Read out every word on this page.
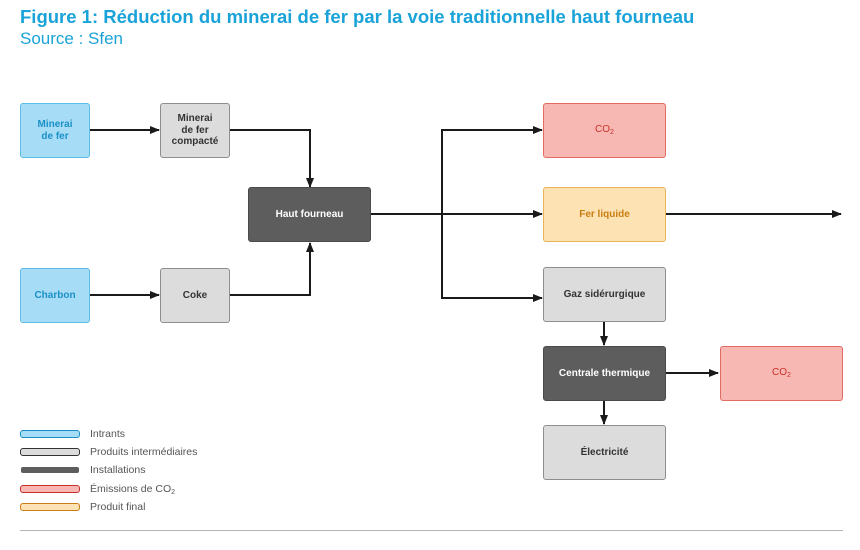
Figure 1: Réduction du minerai de fer par la voie traditionnelle haut fourneau
Source : Sfen
Minerai
de fer
Minerai
de fer
compacté
Charbon	Coke
Haut fourneau
$CO_2$
Fer liquide
Gaz sidérurgique
Centrale thermique	$CO_2$
Électricité
Intrants
Produits intermédiaires
Installations
Émissions de $CO_2$
Produit final
